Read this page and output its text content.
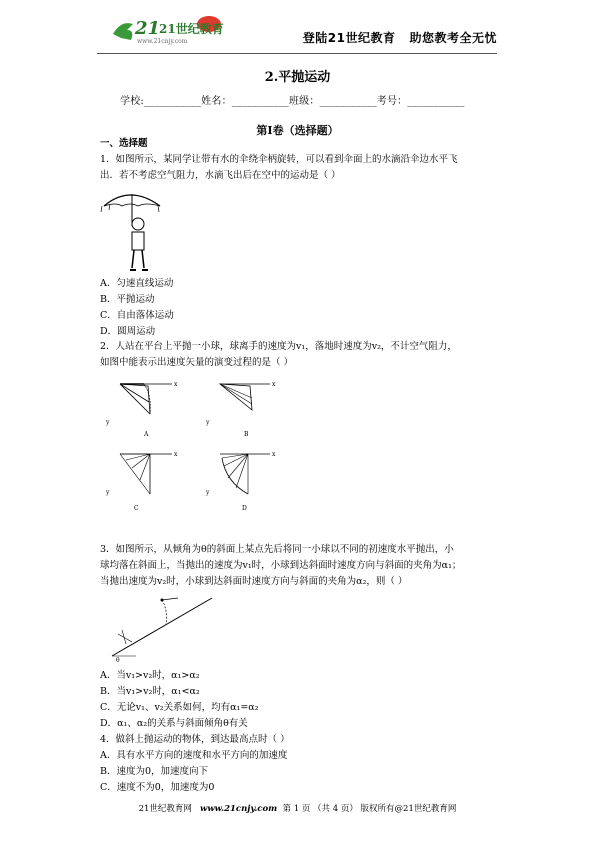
21
21世纪教育
www.21cnjy.com	登陆21世纪教育 助您教考全无忧
2.平抛运动
学校:___________姓名：___________班级：___________考号：___________
第I卷（选择题）
一、选择题
1．如图所示，某同学让带有水的伞绕伞柄旋转，可以看到伞面上的水滴沿伞边水平飞
出．若不考虑空气阻力，水滴飞出后在空中的运动是（ ）
A．匀速直线运动
B．平抛运动
C．自由落体运动
D．圆周运动
2．人站在平台上平抛一小球，球离手的速度为v₁，落地时速度为v₂，不计空气阻力，
如图中能表示出速度矢量的演变过程的是（ ）
x
y
A
x
y
B
x
y
C
x
y
D
3．如图所示，从倾角为θ的斜面上某点先后将同一小球以不同的初速度水平抛出，小
球均落在斜面上，当抛出的速度为v₁时，小球到达斜面时速度方向与斜面的夹角为α₁；
当抛出速度为v₂时，小球到达斜面时速度方向与斜面的夹角为α₂，则（ ）
θ
A．当v₁>v₂时，α₁>α₂
B．当v₁>v₂时，α₁<α₂
C．无论v₁、v₂关系如何，均有α₁=α₂
D．α₁、α₂的关系与斜面倾角θ有关
4．做斜上抛运动的物体，到达最高点时（ ）
A．具有水平方向的速度和水平方向的加速度
B．速度为0，加速度向下
C．速度不为0，加速度为0
21世纪教育网 www.21cnjy.com 第 1 页 （共 4 页） 版权所有@21世纪教育网
